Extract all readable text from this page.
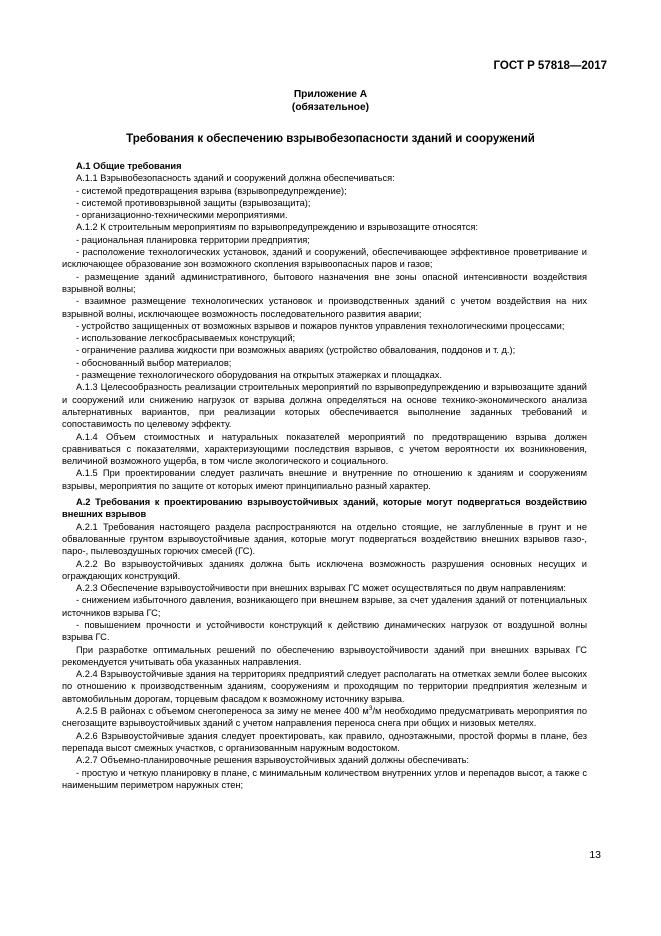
ГОСТ Р 57818—2017
Приложение А
(обязательное)
Требования к обеспечению взрывобезопасности зданий и сооружений

А.1 Общие требования

А.1.1 Взрывобезопасность зданий и сооружений должна обеспечиваться:

- системой предотвращения взрыва (взрывопредупреждение);

- системой противовзрывной защиты (взрывозащита);

- организационно-техническими мероприятиями.

А.1.2 К строительным мероприятиям по взрывопредупреждению и взрывозащите относятся:

- рациональная планировка территории предприятия;

- расположение технологических установок, зданий и сооружений, обеспечивающее эффективное проветривание и исключающее образование зон возможного скопления взрывоопасных паров и газов;

- размещение зданий административного, бытового назначения вне зоны опасной интенсивности воздействия взрывной волны;

- взаимное размещение технологических установок и производственных зданий с учетом воздействия на них взрывной волны, исключающее возможность последовательного развития аварии;

- устройство защищенных от возможных взрывов и пожаров пунктов управления технологическими процессами;

- использование легкосбрасываемых конструкций;

- ограничение разлива жидкости при возможных авариях (устройство обвалования, поддонов и т. д.);

- обоснованный выбор материалов;

- размещение технологического оборудования на открытых этажерках и площадках.

А.1.3 Целесообразность реализации строительных мероприятий по взрывопредупреждению и взрывозащите зданий и сооружений или снижению нагрузок от взрыва должна определяться на основе технико-экономического анализа альтернативных вариантов, при реализации которых обеспечивается выполнение заданных требований и сопоставимость по целевому эффекту.

А.1.4 Объем стоимостных и натуральных показателей мероприятий по предотвращению взрыва должен сравниваться с показателями, характеризующими последствия взрывов, с учетом вероятности их возникновения, величиной возможного ущерба, в том числе экологического и социального.

А.1.5 При проектировании следует различать внешние и внутренние по отношению к зданиям и сооружениям взрывы, мероприятия по защите от которых имеют принципиально разный характер.

А.2 Требования к проектированию взрывоустойчивых зданий, которые могут подвергаться воздействию внешних взрывов

А.2.1 Требования настоящего раздела распространяются на отдельно стоящие, не заглубленные в грунт и не обвалованные грунтом взрывоустойчивые здания, которые могут подвергаться воздействию внешних взрывов газо-, паро-, пылевоздушных горючих смесей (ГС).

А.2.2 Во взрывоустойчивых зданиях должна быть исключена возможность разрушения основных несущих и ограждающих конструкций.

А.2.3 Обеспечение взрывоустойчивости при внешних взрывах ГС может осуществляться по двум направлениям:

- снижением избыточного давления, возникающего при внешнем взрыве, за счет удаления зданий от потенциальных источников взрыва ГС;

- повышением прочности и устойчивости конструкций к действию динамических нагрузок от воздушной волны взрыва ГС.

При разработке оптимальных решений по обеспечению взрывоустойчивости зданий при внешних взрывах ГС рекомендуется учитывать оба указанных направления.

А.2.4 Взрывоустойчивые здания на территориях предприятий следует располагать на отметках земли более высоких по отношению к производственным зданиям, сооружениям и проходящим по территории предприятия железным и автомобильным дорогам, торцевым фасадом к возможному источнику взрыва.

А.2.5 В районах с объемом снегопереноса за зиму не менее 400 $м^3/м$ необходимо предусматривать мероприятия по снегозащите взрывоустойчивых зданий с учетом направления переноса снега при общих и низовых метелях.

А.2.6 Взрывоустойчивые здания следует проектировать, как правило, одноэтажными, простой формы в плане, без перепада высот смежных участков, с организованным наружным водостоком.

А.2.7 Объемно-планировочные решения взрывоустойчивых зданий должны обеспечивать:

- простую и четкую планировку в плане, с минимальным количеством внутренних углов и перепадов высот, а также с наименьшим периметром наружных стен;

13
